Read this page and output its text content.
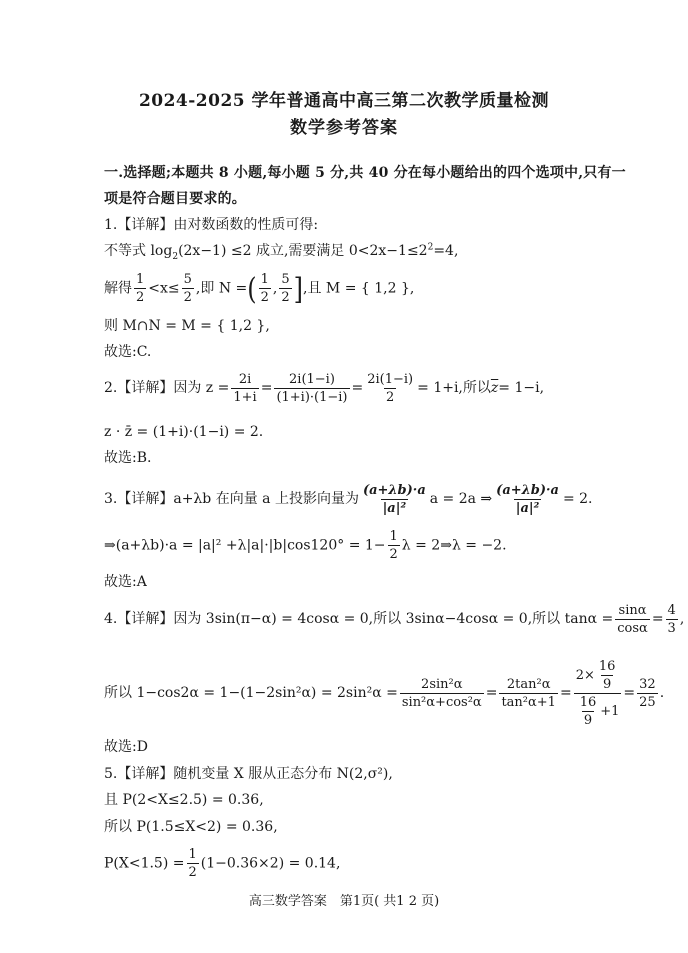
2024-2025 学年普通高中高三第二次教学质量检测
数学参考答案
一.选择题;本题共 8 小题,每小题 5 分,共 40 分在每小题给出的四个选项中,只有一项是符合题目要求的。
1.【详解】由对数函数的性质可得:
不等式 $\log_2(2x-1) \le 2$ 成立,需要满足 $0<2x-1\le 2^2=4$,
解得 $\frac{1}{2} <x\le \frac{5}{2}$ ,即 N =( $\frac{1}{2}$ , $\frac{5}{2}$ ],且 M = { 1,2 },
则 M∩N = M = { 1,2 },
故选:C.
2.【详解】因为 $z = \frac{2i}{1+i} = \frac{2i(1-i)}{(1+i)\cdot(1-i)} = \frac{2i(1-i)}{2} = 1+i$,所以$\overline{z}= 1-i$,
z · z̄ = (1+i)·(1−i) = 2.
故选:B.
3.【详解】a+λb 在向量 a 上投影向量为 $\frac{(a+\lambda b)\cdot a}{\text{|a|²}}$ a = 2a ⇒ $\frac{(a+\lambda b)\cdot a}{\text{|a|²}} = 2$.
⇒(a+λb)·a = $|a|^2 +\lambda|a|\cdot|b|\cos 120^\circ = 1- \frac{1}{2}$ λ = 2⇒λ = −2.
故选:A
4.【详解】因为 3sin(π−α) = 4cosα = 0,所以 3sinα−4cosα = 0,所以 $\tan\alpha = \frac{\sin\alpha}{\cos\alpha} = \frac{4}{3}$ ,
所以 $1-\cos 2\alpha = 1-(1-2\sin^2\alpha) = 2\sin^2\alpha = \frac{\text{2sin²α}}{\text{sin²α+cos²α}} = \frac{\text{2tan²α}}{\text{tan²α+1}} = \frac{2\times \frac{16}{9}}{\frac{16}{9} +1} = \frac{32}{25}$ .
故选:D
5.【详解】随机变量 X 服从正态分布 N(2,σ²),
且 P(2<X≤2.5) = 0.36,
所以 P(1.5≤X<2) = 0.36,
$P(X<1.5) = \frac{1}{2} (1-0.36\times 2) = 0.14$,
高三数学答案　第1页( 共1 2 页)
